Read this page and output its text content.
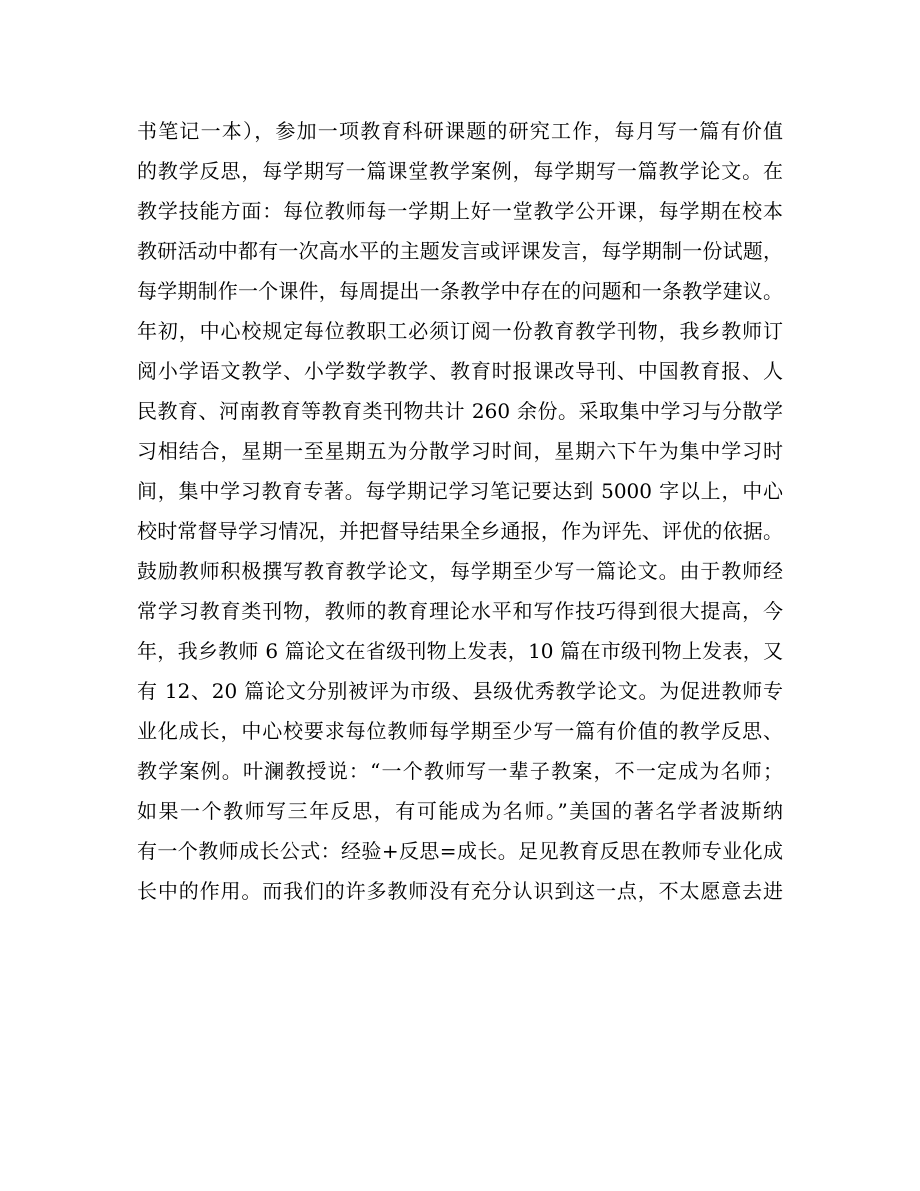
书笔记一本），参加一项教育科研课题的研究工作，每月写一篇有价值
的教学反思，每学期写一篇课堂教学案例，每学期写一篇教学论文。在
教学技能方面：每位教师每一学期上好一堂教学公开课，每学期在校本
教研活动中都有一次高水平的主题发言或评课发言，每学期制一份试题，
每学期制作一个课件，每周提出一条教学中存在的问题和一条教学建议。
年初，中心校规定每位教职工必须订阅一份教育教学刊物，我乡教师订
阅小学语文教学、小学数学教学、教育时报课改导刊、中国教育报、人
民教育、河南教育等教育类刊物共计 260 余份。采取集中学习与分散学
习相结合，星期一至星期五为分散学习时间，星期六下午为集中学习时
间，集中学习教育专著。每学期记学习笔记要达到 5000 字以上，中心
校时常督导学习情况，并把督导结果全乡通报，作为评先、评优的依据。
鼓励教师积极撰写教育教学论文，每学期至少写一篇论文。由于教师经
常学习教育类刊物，教师的教育理论水平和写作技巧得到很大提高，今
年，我乡教师 6 篇论文在省级刊物上发表，10 篇在市级刊物上发表，又
有 12、20 篇论文分别被评为市级、县级优秀教学论文。为促进教师专
业化成长，中心校要求每位教师每学期至少写一篇有价值的教学反思、
教学案例。叶澜教授说：“一个教师写一辈子教案，不一定成为名师；
如果一个教师写三年反思，有可能成为名师。”美国的著名学者波斯纳
有一个教师成长公式：经验+反思=成长。足见教育反思在教师专业化成
长中的作用。而我们的许多教师没有充分认识到这一点，不太愿意去进
